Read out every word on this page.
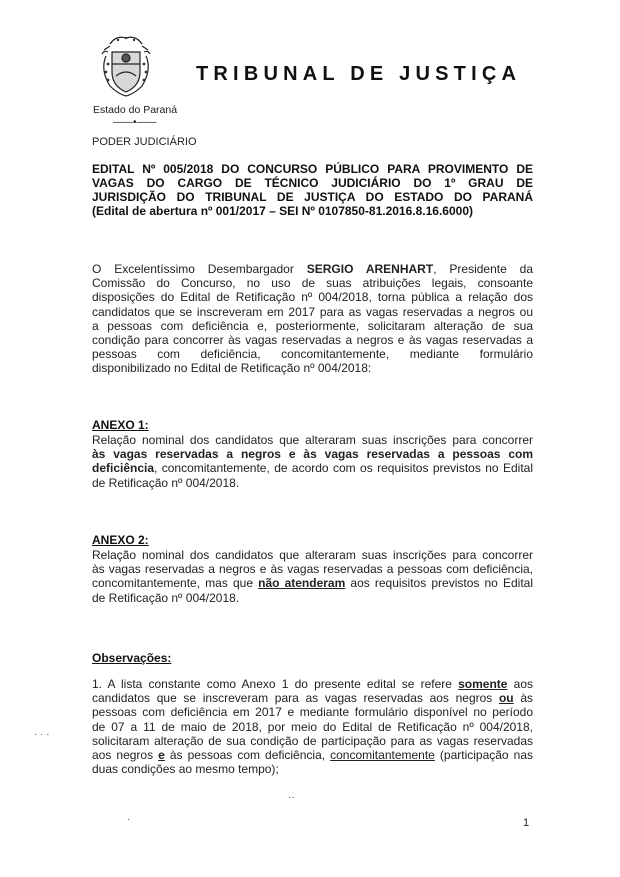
Estado do Paraná
——•——
TRIBUNAL DE JUSTIÇA
PODER JUDICIÁRIO
EDITAL Nº 005/2018 DO CONCURSO PÚBLICO PARA PROVIMENTO DE
VAGAS DO CARGO DE TÉCNICO JUDICIÁRIO DO 1º GRAU DE
JURISDIÇÃO DO TRIBUNAL DE JUSTIÇA DO ESTADO DO PARANÁ
(Edital de abertura nº 001/2017 – SEI Nº 0107850-81.2016.8.16.6000)
O Excelentíssimo Desembargador SERGIO ARENHART, Presidente da
Comissão do Concurso, no uso de suas atribuições legais, consoante
disposições do Edital de Retificação nº 004/2018, torna pública a relação dos
candidatos que se inscreveram em 2017 para as vagas reservadas a negros ou
a pessoas com deficiência e, posteriormente, solicitaram alteração de sua
condição para concorrer às vagas reservadas a negros e às vagas reservadas a
pessoas com deficiência, concomitantemente, mediante formulário
disponibilizado no Edital de Retificação nº 004/2018:
ANEXO 1:
Relação nominal dos candidatos que alteraram suas inscrições para concorrer
às vagas reservadas a negros e às vagas reservadas a pessoas com
deficiência, concomitantemente, de acordo com os requisitos previstos no Edital
de Retificação nº 004/2018.
ANEXO 2:
Relação nominal dos candidatos que alteraram suas inscrições para concorrer
às vagas reservadas a negros e às vagas reservadas a pessoas com deficiência,
concomitantemente, mas que não atenderam aos requisitos previstos no Edital
de Retificação nº 004/2018.
Observações:
1. A lista constante como Anexo 1 do presente edital se refere somente aos
candidatos que se inscreveram para as vagas reservadas aos negros ou às
pessoas com deficiência em 2017 e mediante formulário disponível no período
de 07 a 11 de maio de 2018, por meio do Edital de Retificação nº 004/2018,
solicitaram alteração de sua condição de participação para as vagas reservadas
aos negros e às pessoas com deficiência, concomitantemente (participação nas
duas condições ao mesmo tempo);
· · ·
··
·	1
